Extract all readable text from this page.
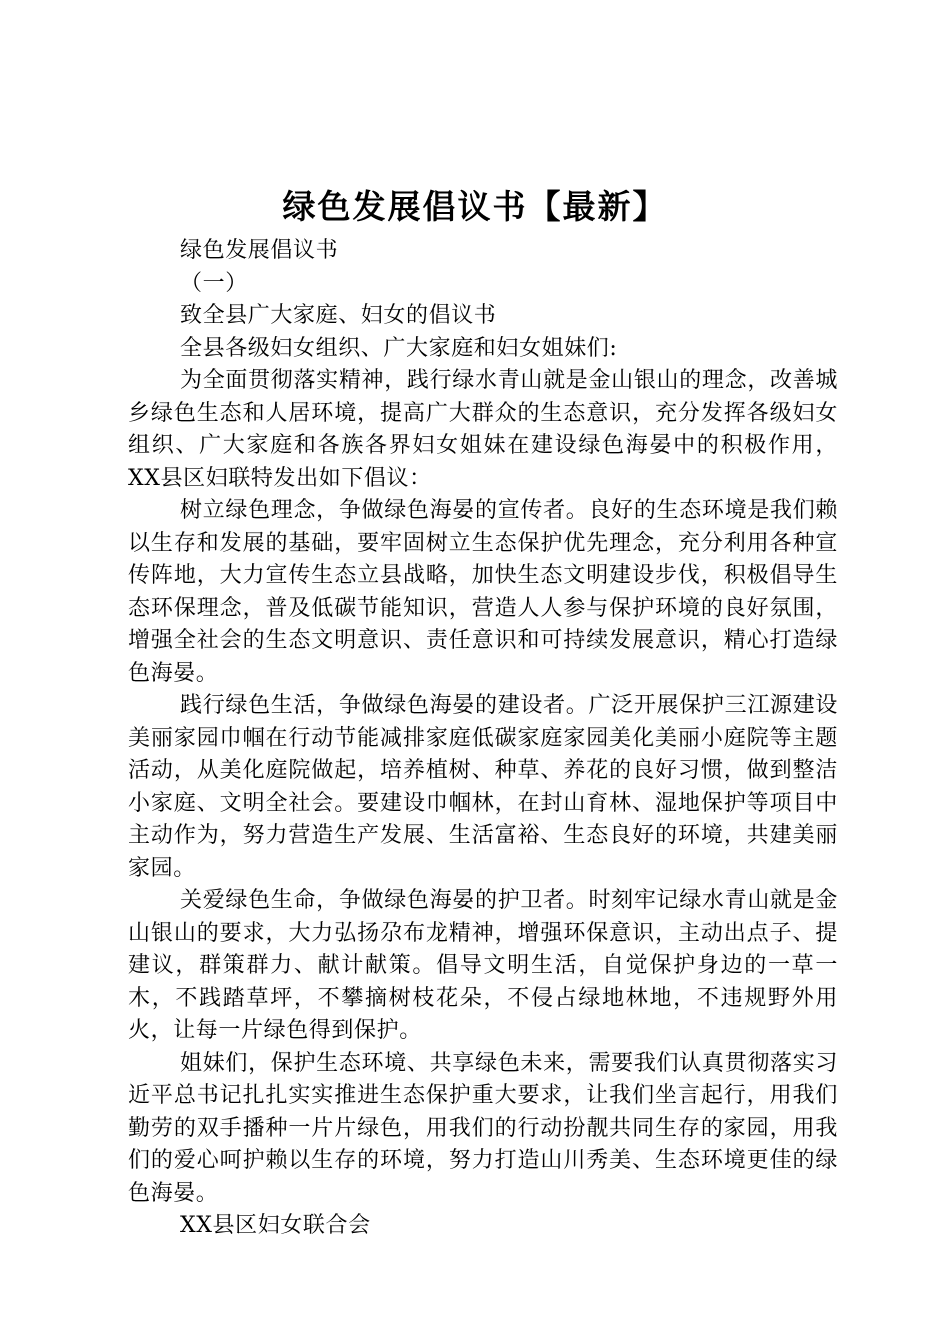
绿色发展倡议书【最新】

绿色发展倡议书

（一）

致全县广大家庭、妇女的倡议书

全县各级妇女组织、广大家庭和妇女姐妹们:

为全面贯彻落实精神，践行绿水青山就是金山银山的理念，改善城乡绿色生态和人居环境，提高广大群众的生态意识，充分发挥各级妇女组织、广大家庭和各族各界妇女姐妹在建设绿色海晏中的积极作用，XX县区妇联特发出如下倡议：

树立绿色理念，争做绿色海晏的宣传者。良好的生态环境是我们赖以生存和发展的基础，要牢固树立生态保护优先理念，充分利用各种宣传阵地，大力宣传生态立县战略，加快生态文明建设步伐，积极倡导生态环保理念，普及低碳节能知识，营造人人参与保护环境的良好氛围，增强全社会的生态文明意识、责任意识和可持续发展意识，精心打造绿色海晏。

践行绿色生活，争做绿色海晏的建设者。广泛开展保护三江源建设美丽家园巾帼在行动节能减排家庭低碳家庭家园美化美丽小庭院等主题活动，从美化庭院做起，培养植树、种草、养花的良好习惯，做到整洁小家庭、文明全社会。要建设巾帼林，在封山育林、湿地保护等项目中主动作为，努力营造生产发展、生活富裕、生态良好的环境，共建美丽家园。

关爱绿色生命，争做绿色海晏的护卫者。时刻牢记绿水青山就是金山银山的要求，大力弘扬尕布龙精神，增强环保意识，主动出点子、提建议，群策群力、献计献策。倡导文明生活，自觉保护身边的一草一木，不践踏草坪，不攀摘树枝花朵，不侵占绿地林地，不违规野外用火，让每一片绿色得到保护。

姐妹们，保护生态环境、共享绿色未来，需要我们认真贯彻落实习近平总书记扎扎实实推进生态保护重大要求，让我们坐言起行，用我们勤劳的双手播种一片片绿色，用我们的行动扮靓共同生存的家园，用我们的爱心呵护赖以生存的环境，努力打造山川秀美、生态环境更佳的绿色海晏。

XX县区妇女联合会
